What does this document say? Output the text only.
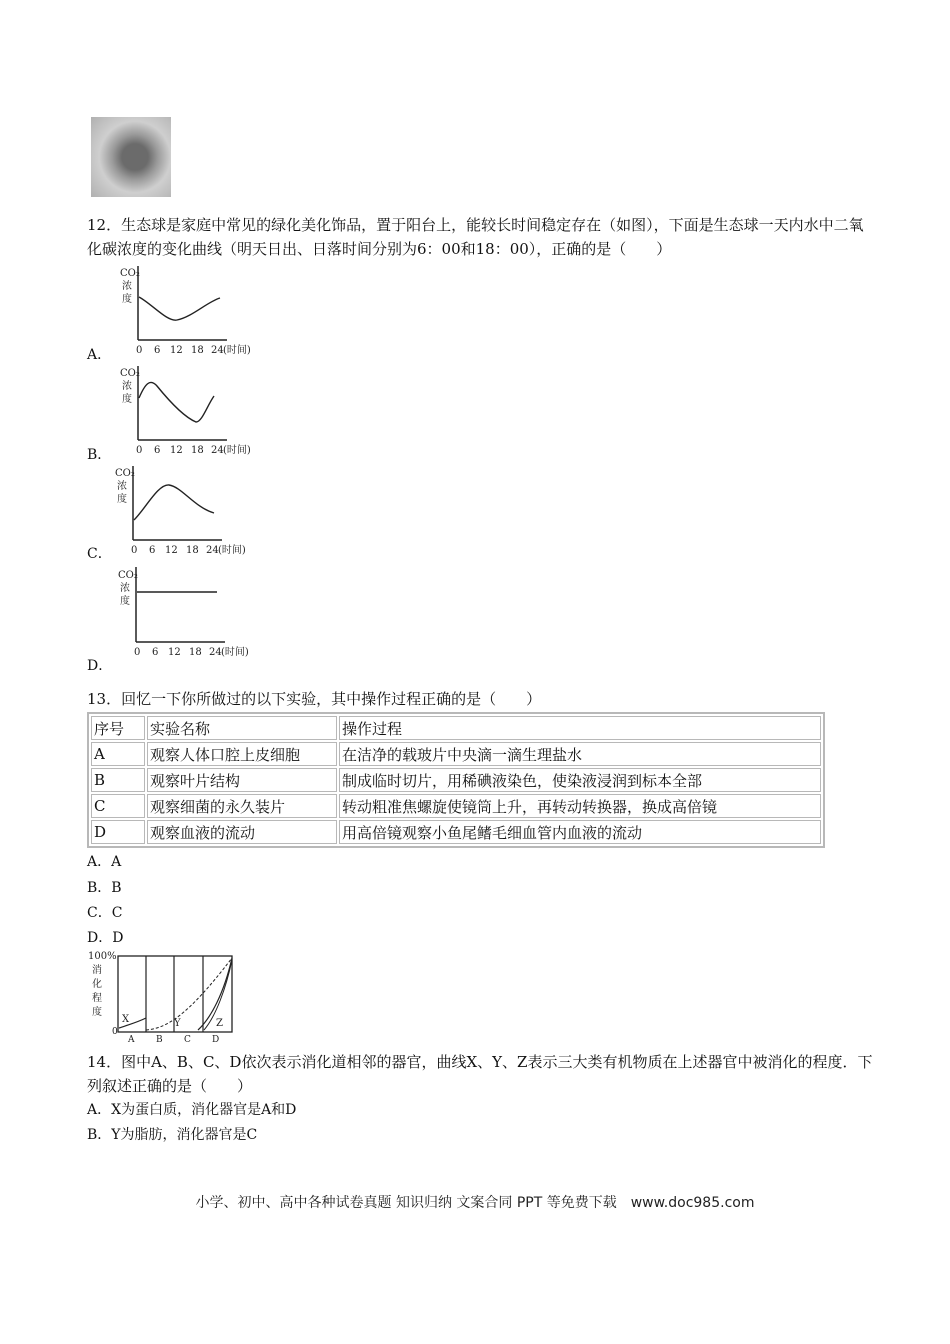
12．生态球是家庭中常见的绿化美化饰品，置于阳台上，能较长时间稳定存在（如图），下面是生态球一天内水中二氧化碳浓度的变化曲线（明天日出、日落时间分别为6：00和18：00），正确的是（　　）
A．
CO₂
浓
度
0 6 12 18 24 (时间)
B．
CO₂
浓
度
0 6 12 18 24 (时间)
C．
CO₂
浓
度
0 6 12 18 24 (时间)
D．
CO₂
浓
度
0 6 12 18 24 (时间)
13．回忆一下你所做过的以下实验，其中操作过程正确的是（　　）
序号	实验名称	操作过程
A	观察人体口腔上皮细胞	在洁净的载玻片中央滴一滴生理盐水
B	观察叶片结构	制成临时切片，用稀碘液染色，使染液浸润到标本全部
C	观察细菌的永久装片	转动粗准焦螺旋使镜筒上升，再转动转换器，换成高倍镜
D	观察血液的流动	用高倍镜观察小鱼尾鳍毛细血管内血液的流动
A．A
B．B
C．C
D．D
100%
消
化
程
度
0
X	Y	Z
A B C D
14．图中A、B、C、D依次表示消化道相邻的器官，曲线X、Y、Z表示三大类有机物质在上述器官中被消化的程度．下列叙述正确的是（　　）
A．X为蛋白质，消化器官是A和D
B．Y为脂肪，消化器官是C
小学、初中、高中各种试卷真题 知识归纳 文案合同 PPT 等免费下载　www.doc985.com
